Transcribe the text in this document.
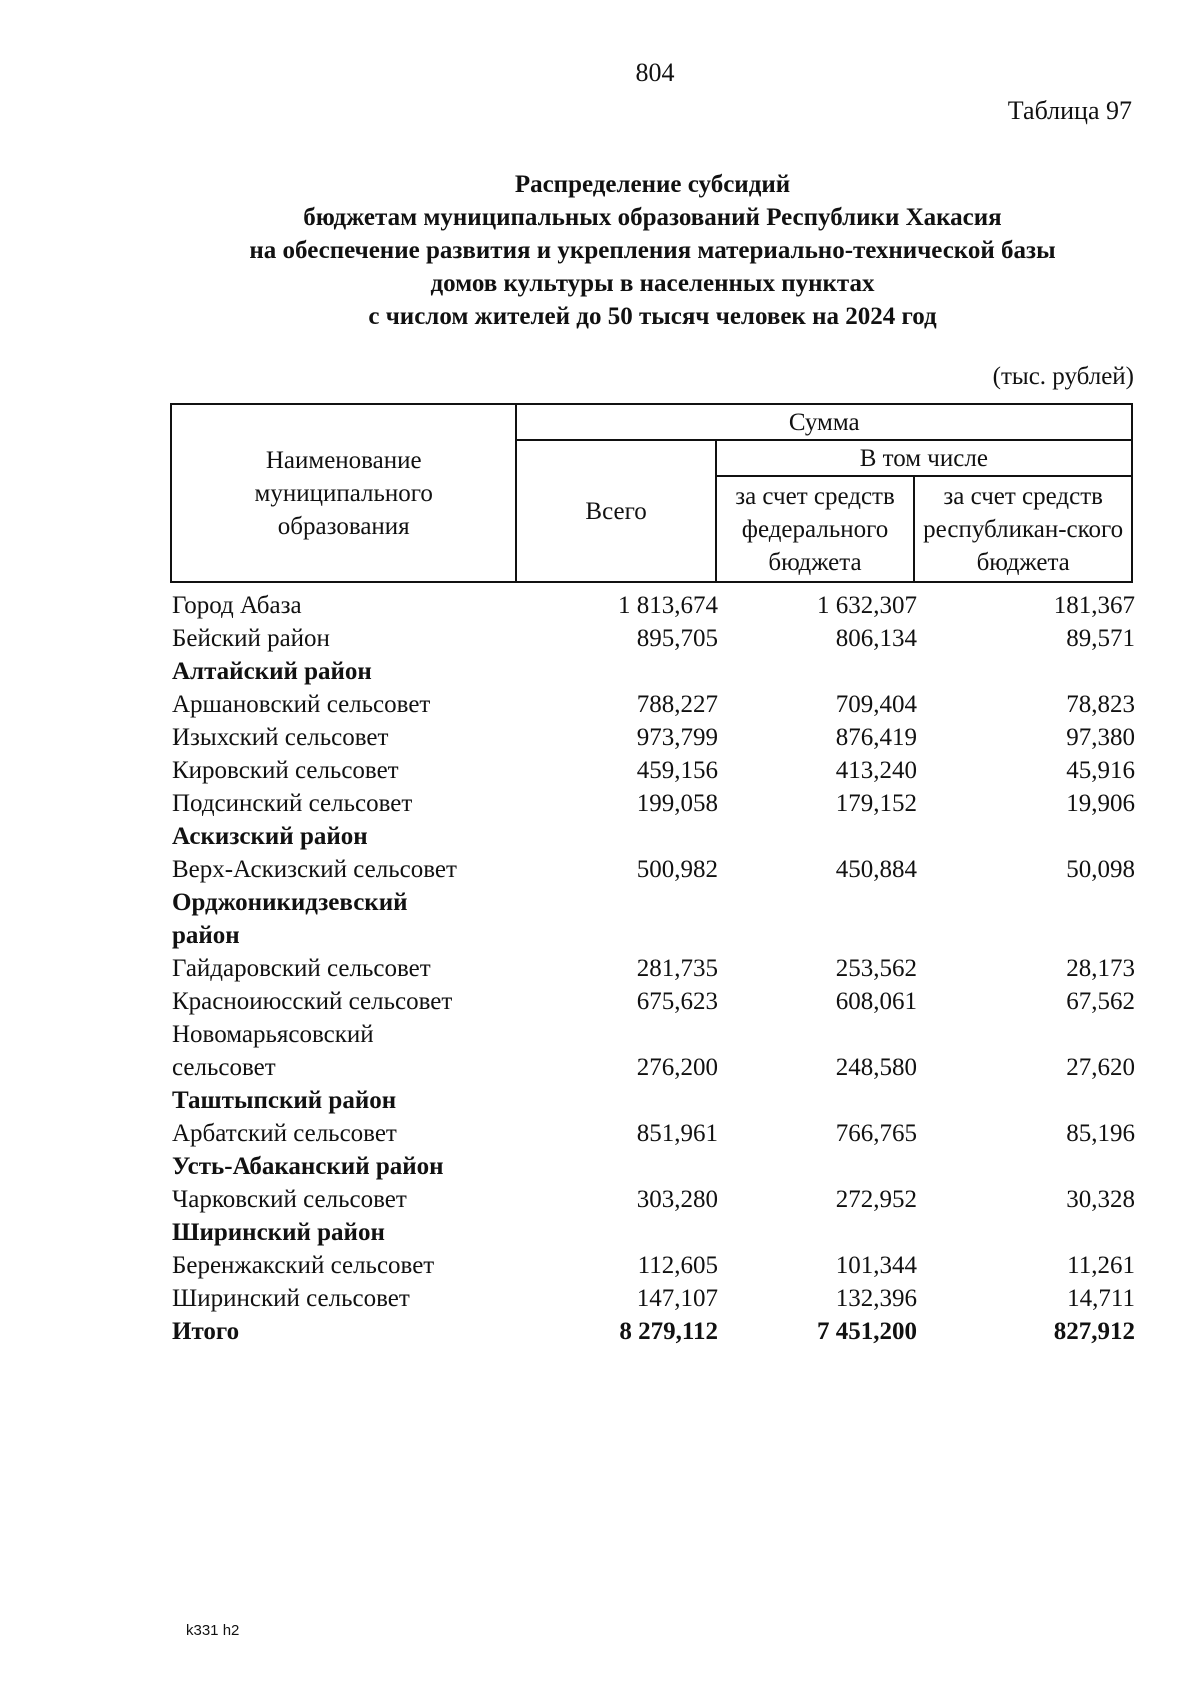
804
Таблица 97
Распределение субсидий
бюджетам муниципальных образований Республики Хакасия
на обеспечение развития и укрепления материально-технической базы
домов культуры в населенных пунктах
с числом жителей до 50 тысяч человек на 2024 год
(тыс. рублей)
Наименование муниципального образования	Сумма		
	Всего	В том числе	

		за счет средств федерального бюджета	за счет средств республикан-ского бюджета
Город Абаза	1 813,674	1 632,307	181,367
Бейский район	895,705	806,134	89,571
Алтайский район
Аршановский сельсовет	788,227	709,404	78,823
Изыхский сельсовет	973,799	876,419	97,380
Кировский сельсовет	459,156	413,240	45,916
Подсинский сельсовет	199,058	179,152	19,906
Аскизский район
Верх-Аскизский сельсовет	500,982	450,884	50,098
Орджоникидзевский район
Гайдаровский сельсовет	281,735	253,562	28,173
Красноиюсский сельсовет	675,623	608,061	67,562
Новомарьясовский сельсовет	276,200	248,580	27,620
Таштыпский район
Арбатский сельсовет	851,961	766,765	85,196
Усть-Абаканский район
Чарковский сельсовет	303,280	272,952	30,328
Ширинский район
Беренжакский сельсовет	112,605	101,344	11,261
Ширинский сельсовет	147,107	132,396	14,711
Итого	8 279,112	7 451,200	827,912
k331 h2
